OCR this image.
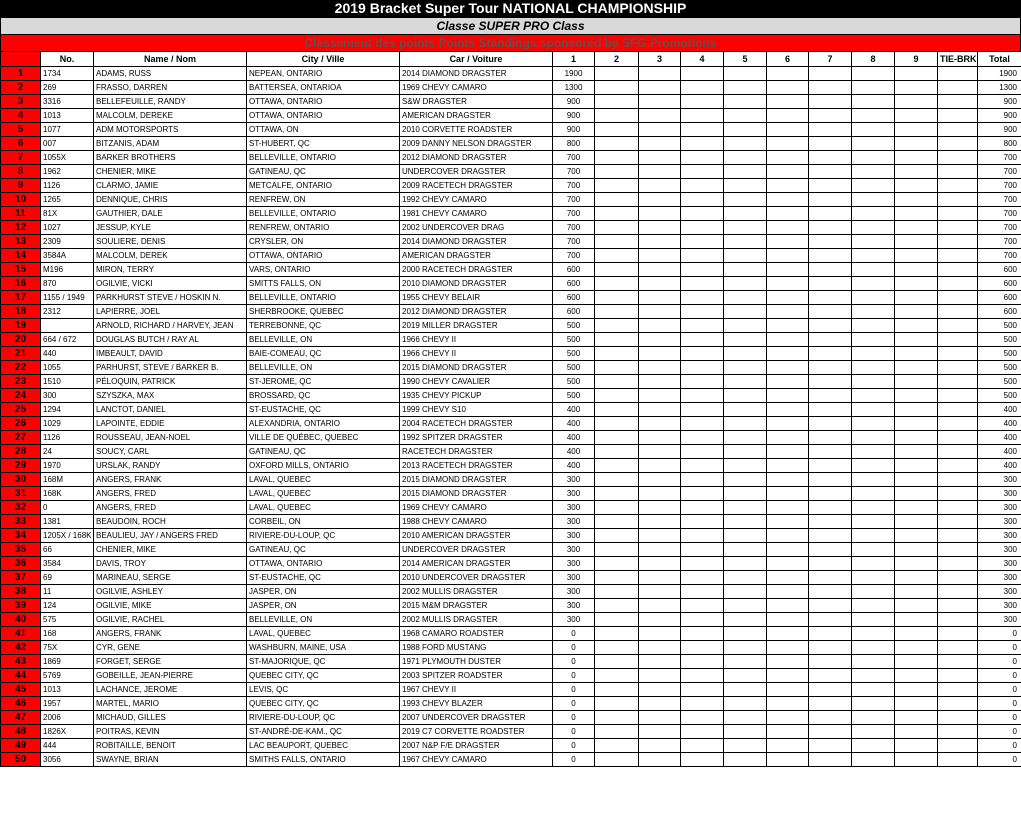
2019 Bracket Super Tour NATIONAL CHAMPIONSHIP
Classe SUPER PRO Class
Classement des points Points Standings sponsored by SFG Promotions
	No.	Name / Nom	City / Ville	Car / Voiture	1	2	3	4	5	6	7	8	9	TIE-BRK	Total
1	1734	ADAMS, RUSS	NEPEAN, ONTARIO	2014 DIAMOND DRAGSTER	1900										1900
2	269	FRASSO, DARREN	BATTERSEA, ONTARIOA	1969 CHEVY CAMARO	1300										1300
3	3316	BELLEFEUILLE, RANDY	OTTAWA, ONTARIO	S&W DRAGSTER	900										900
4	1013	MALCOLM, DEREKE	OTTAWA, ONTARIO	AMERICAN DRAGSTER	900										900
5	1077	ADM MOTORSPORTS	OTTAWA, ON	2010 CORVETTE ROADSTER	900										900
6	007	BITZANIS, ADAM	ST-HUBERT, QC	2009 DANNY NELSON DRAGSTER	800										800
7	1055X	BARKER BROTHERS	BELLEVILLE, ONTARIO	2012 DIAMOND DRAGSTER	700										700
8	1962	CHENIER, MIKE	GATINEAU, QC	UNDERCOVER DRAGSTER	700										700
9	1126	CLARMO, JAMIE	METCALFE, ONTARIO	2009 RACETECH DRAGSTER	700										700
10	1265	DENNIQUE, CHRIS	RENFREW, ON	1992 CHEVY CAMARO	700										700
11	81X	GAUTHIER, DALE	BELLEVILLE, ONTARIO	1981 CHEVY CAMARO	700										700
12	1027	JESSUP, KYLE	RENFREW, ONTARIO	2002 UNDERCOVER DRAG	700										700
13	2309	SOULIERE, DENIS	CRYSLER, ON	2014 DIAMOND DRAGSTER	700										700
14	3584A	MALCOLM, DEREK	OTTAWA, ONTARIO	AMERICAN DRAGSTER	700										700
15	M196	MIRON, TERRY	VARS, ONTARIO	2000 RACETECH DRAGSTER	600										600
16	870	OGILVIE, VICKI	SMITTS FALLS, ON	2010 DIAMOND DRAGSTER	600										600
17	1155 / 1949	PARKHURST STEVE / HOSKIN N.	BELLEVILLE, ONTARIO	1955 CHEVY BELAIR	600										600
18	2312	LAPIERRE, JOEL	SHERBROOKE, QUEBEC	2012 DIAMOND DRAGSTER	600										600
19		ARNOLD, RICHARD / HARVEY, JEAN	TERREBONNE, QC	2019 MILLER DRAGSTER	500										500
20	664 / 672	DOUGLAS BUTCH / RAY AL	BELLEVILLE, ON	1966 CHEVY II	500										500
21	440	IMBEAULT, DAVID	BAIE-COMEAU, QC	1966 CHEVY II	500										500
22	1055	PARHURST, STEVE / BARKER B.	BELLEVILLE, ON	2015 DIAMOND DRAGSTER	500										500
23	1510	PÉLOQUIN, PATRICK	ST-JEROME, QC	1990 CHEVY CAVALIER	500										500
24	300	SZYSZKA, MAX	BROSSARD, QC	1935 CHEVY PICKUP	500										500
25	1294	LANCTOT, DANIEL	ST-EUSTACHE, QC	1999 CHEVY S10	400										400
26	1029	LAPOINTE, EDDIE	ALEXANDRIA, ONTARIO	2004 RACETECH DRAGSTER	400										400
27	1126	ROUSSEAU, JEAN-NOEL	VILLE DE QUÉBEC, QUEBEC	1992 SPITZER DRAGSTER	400										400
28	24	SOUCY, CARL	GATINEAU, QC	RACETECH DRAGSTER	400										400
29	1970	URSLAK, RANDY	OXFORD MILLS, ONTARIO	2013 RACETECH DRAGSTER	400										400
30	168M	ANGERS, FRANK	LAVAL, QUEBEC	2015 DIAMOND DRAGSTER	300										300
31	168K	ANGERS, FRED	LAVAL, QUEBEC	2015 DIAMOND DRAGSTER	300										300
32	0	ANGERS, FRED	LAVAL, QUEBEC	1969 CHEVY CAMARO	300										300
33	1381	BEAUDOIN, ROCH	CORBEIL, ON	1988 CHEVY CAMARO	300										300
34	1205X / 168K	BEAULIEU, JAY / ANGERS FRED	RIVIERE-DU-LOUP, QC	2010 AMERICAN DRAGSTER	300										300
35	66	CHENIER, MIKE	GATINEAU, QC	UNDERCOVER DRAGSTER	300										300
36	3584	DAVIS, TROY	OTTAWA, ONTARIO	2014 AMERICAN DRAGSTER	300										300
37	69	MARINEAU, SERGE	ST-EUSTACHE, QC	2010 UNDERCOVER DRAGSTER	300										300
38	11	OGILVIE, ASHLEY	JASPER, ON	2002 MULLIS DRAGSTER	300										300
39	124	OGILVIE, MIKE	JASPER, ON	2015 M&M DRAGSTER	300										300
40	575	OGILVIE, RACHEL	BELLEVILLE, ON	2002 MULLIS DRAGSTER	300										300
41	168	ANGERS, FRANK	LAVAL, QUEBEC	1968 CAMARO ROADSTER	0										0
42	75X	CYR, GENE	WASHBURN, MAINE, USA	1988 FORD MUSTANG	0										0
43	1869	FORGET, SERGE	ST-MAJORIQUE, QC	1971 PLYMOUTH DUSTER	0										0
44	5769	GOBEILLE, JEAN-PIERRE	QUEBEC CITY, QC	2003 SPITZER ROADSTER	0										0
45	1013	LACHANCE, JEROME	LEVIS, QC	1967 CHEVY II	0										0
46	1957	MARTEL, MARIO	QUEBEC CITY, QC	1993 CHEVY BLAZER	0										0
47	2006	MICHAUD, GILLES	RIVIERE-DU-LOUP, QC	2007 UNDERCOVER DRAGSTER	0										0
48	1826X	POITRAS, KEVIN	ST-ANDRÉ-DE-KAM., QC	2019 C7 CORVETTE ROADSTER	0										0
49	444	ROBITAILLE, BENOIT	LAC BEAUPORT, QUEBEC	2007 N&P F/E DRAGSTER	0										0
50	3056	SWAYNE, BRIAN	SMITHS FALLS, ONTARIO	1967 CHEVY CAMARO	0										0
